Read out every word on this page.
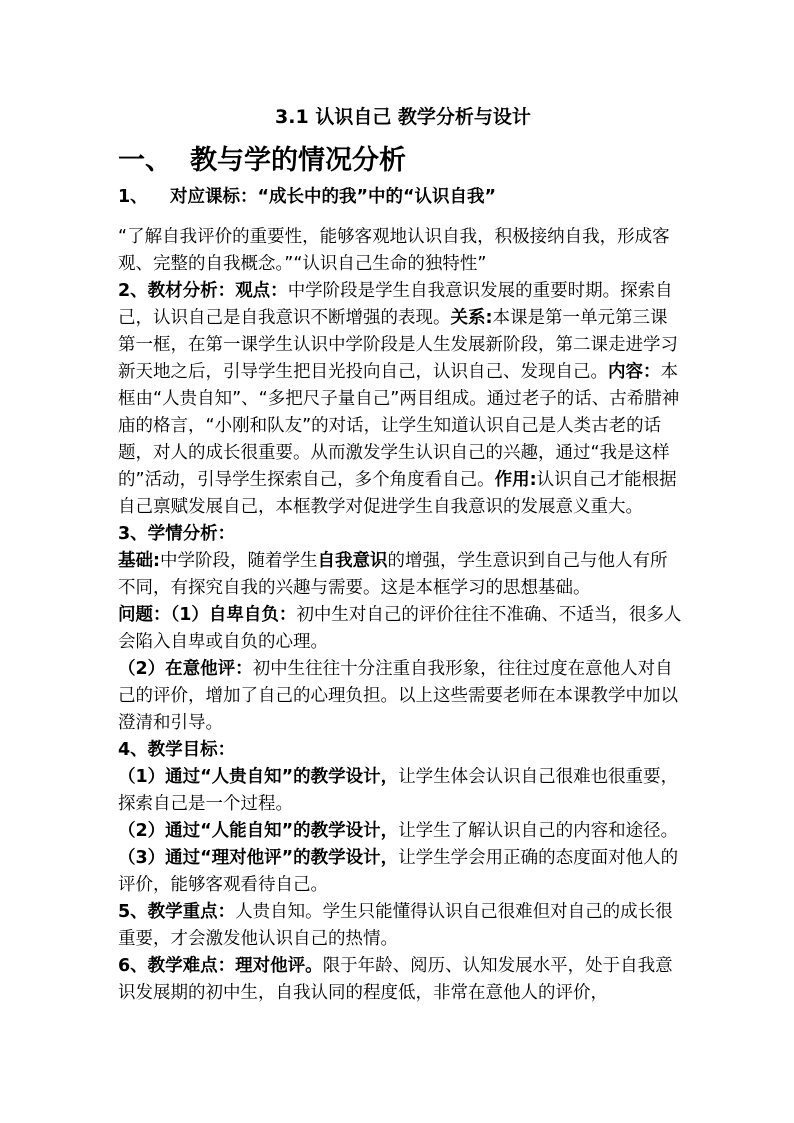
3.1 认识自己 教学分析与设计
一、 教与学的情况分析

1、 对应课标：“成长中的我”中的“认识自我”

“了解自我评价的重要性，能够客观地认识自我，积极接纳自我，形成客观、完整的自我概念。”“认识自己生命的独特性”

2、教材分析：观点：中学阶段是学生自我意识发展的重要时期。探索自己，认识自己是自我意识不断增强的表现。关系:本课是第一单元第三课第一框，在第一课学生认识中学阶段是人生发展新阶段，第二课走进学习新天地之后，引导学生把目光投向自己，认识自己、发现自己。内容：本框由“人贵自知”、“多把尺子量自己”两目组成。通过老子的话、古希腊神庙的格言，“小刚和队友”的对话，让学生知道认识自己是人类古老的话题，对人的成长很重要。从而激发学生认识自己的兴趣，通过“我是这样的”活动，引导学生探索自己，多个角度看自己。作用:认识自己才能根据自己禀赋发展自己，本框教学对促进学生自我意识的发展意义重大。

3、学情分析：

基础:中学阶段，随着学生自我意识的增强，学生意识到自己与他人有所不同，有探究自我的兴趣与需要。这是本框学习的思想基础。

问题：（1）自卑自负：初中生对自己的评价往往不准确、不适当，很多人会陷入自卑或自负的心理。

（2）在意他评：初中生往往十分注重自我形象，往往过度在意他人对自己的评价，增加了自己的心理负担。以上这些需要老师在本课教学中加以澄清和引导。

4、教学目标：

（1）通过“人贵自知”的教学设计，让学生体会认识自己很难也很重要，探索自己是一个过程。

（2）通过“人能自知”的教学设计，让学生了解认识自己的内容和途径。

（3）通过“理对他评”的教学设计，让学生学会用正确的态度面对他人的评价，能够客观看待自己。

5、教学重点：人贵自知。学生只能懂得认识自己很难但对自己的成长很重要，才会激发他认识自己的热情。

6、教学难点：理对他评。限于年龄、阅历、认知发展水平，处于自我意识发展期的初中生，自我认同的程度低，非常在意他人的评价，
